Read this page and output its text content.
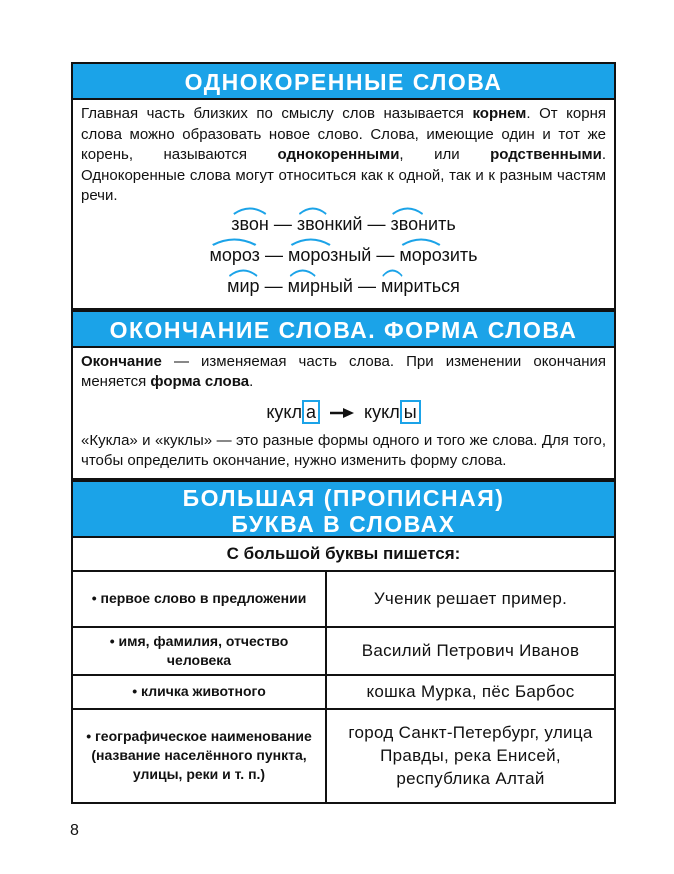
ОДНОКОРЕННЫЕ СЛОВА

Главная часть близких по смыслу слов называется корнем. От корня слова можно образовать новое слово. Слова, имеющие один и тот же корень, называются однокоренными, или родственными. Однокоренные слова могут относиться как к одной, так и к разным частям речи.

звон — звонкий — звонить
мороз — морозный — морозить
мир — мирный — мириться
ОКОНЧАНИЕ СЛОВА. ФОРМА СЛОВА

Окончание — изменяемая часть слова. При изменении окончания меняется форма слова.

кукл а	кукл ы

«Кукла» и «куклы» — это разные формы одного и того же слова. Для того, чтобы определить окончание, нужно изменить форму слова.

БОЛЬШАЯ (ПРОПИСНАЯ)
БУКВА В СЛОВАХ
С большой буквы пишется:	
• первое слово в предложении	Ученик решает пример.
• имя, фамилия, отчество человека	Василий Петрович Иванов
• кличка животного	кошка Мурка, пёс Барбос
• географическое наименование (название населённого пункта, улицы, реки и т. п.)	город Санкт-Петербург, улица Правды, река Енисей, республика Алтай
8
